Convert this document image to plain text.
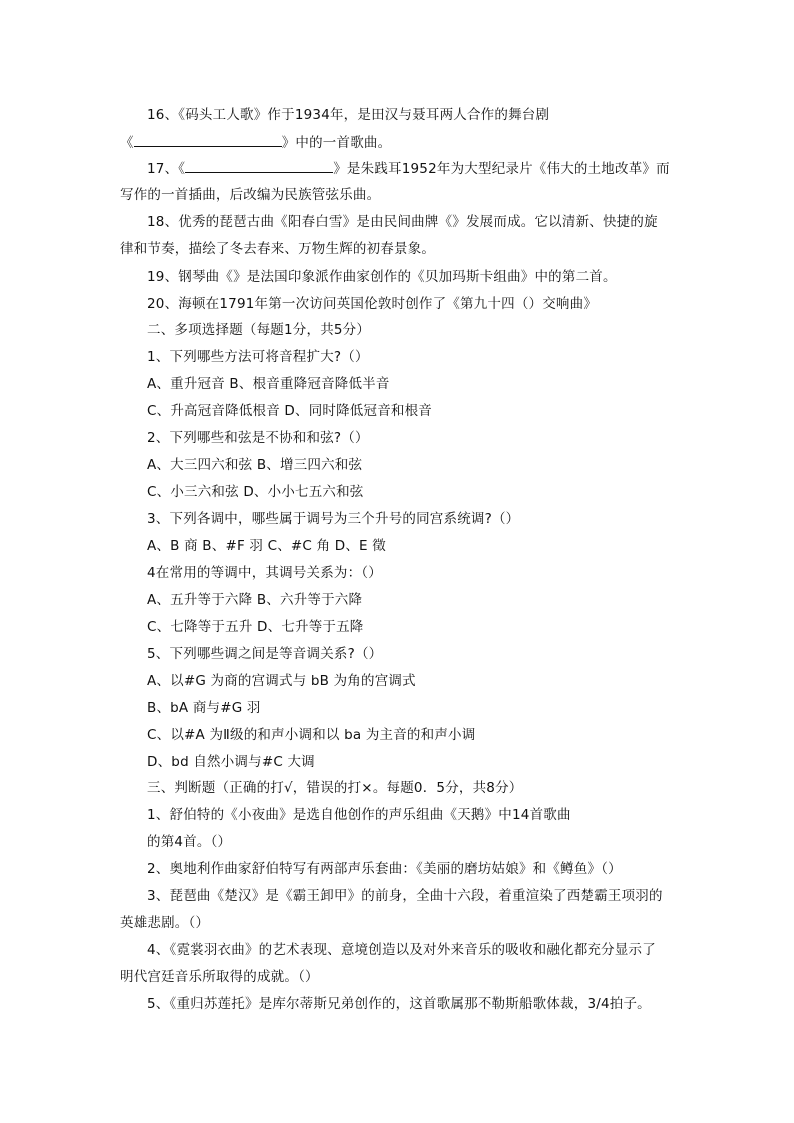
16、《码头工人歌》作于1934年，是田汉与聂耳两人合作的舞台剧
《	》中的一首歌曲。
17、《	》是朱践耳1952年为大型纪录片《伟大的土地改革》而
写作的一首插曲，后改编为民族管弦乐曲。
18、优秀的琵琶古曲《阳春白雪》是由民间曲牌《》发展而成。它以清新、快捷的旋
律和节奏，描绘了冬去春来、万物生辉的初春景象。
19、钢琴曲《》是法国印象派作曲家创作的《贝加玛斯卡组曲》中的第二首。
20、海顿在1791年第一次访问英国伦敦时创作了《第九十四（）交响曲》
二、多项选择题（每题1分，共5分）
1、下列哪些方法可将音程扩大?（）
A、重升冠音 B、根音重降冠音降低半音
C、升高冠音降低根音 D、同时降低冠音和根音
2、下列哪些和弦是不协和和弦?（）
A、大三四六和弦 B、增三四六和弦
C、小三六和弦 D、小小七五六和弦
3、下列各调中，哪些属于调号为三个升号的同宫系统调?（）
A、B 商 B、#F 羽 C、#C 角 D、E 徵
4在常用的等调中，其调号关系为：（）
A、五升等于六降 B、六升等于六降
C、七降等于五升 D、七升等于五降
5、下列哪些调之间是等音调关系?（）
A、以#G 为商的宫调式与 bB 为角的宫调式
B、bA 商与#G 羽
C、以#A 为Ⅱ级的和声小调和以 ba 为主音的和声小调
D、bd 自然小调与#C 大调
三、判断题（正确的打√，错误的打×。每题0．5分，共8分）
1、舒伯特的《小夜曲》是选自他创作的声乐组曲《天鹅》中14首歌曲
的第4首。（）
2、奥地利作曲家舒伯特写有两部声乐套曲：《美丽的磨坊姑娘》和《鳟鱼》（）
3、琵琶曲《楚汉》是《霸王卸甲》的前身，全曲十六段，着重渲染了西楚霸王项羽的
英雄悲剧。（）
4、《霓裳羽衣曲》的艺术表现、意境创造以及对外来音乐的吸收和融化都充分显示了
明代宫廷音乐所取得的成就。（）
5、《重归苏莲托》是库尔蒂斯兄弟创作的，这首歌属那不勒斯船歌体裁，3/4拍子。
